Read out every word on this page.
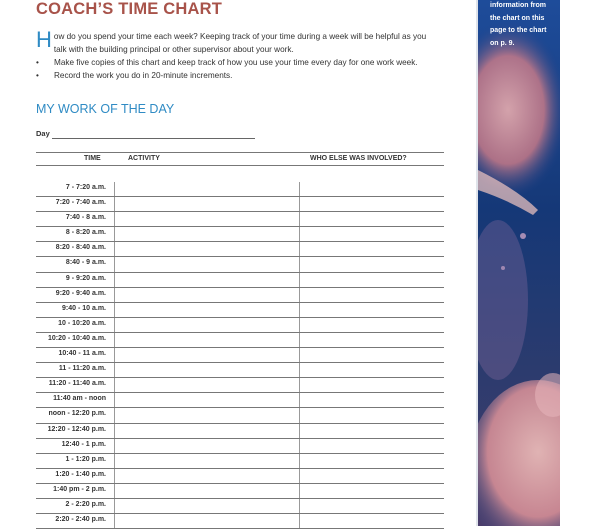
COACH’S TIME CHART
H ow do you spend your time each week? Keeping track of your time during a week will be helpful as you talk with the building principal or other supervisor about your work.

• Make five copies of this chart and keep track of how you use your time every day for one work week.
• Record the work you do in 20-minute increments.
MY WORK OF THE DAY
Day
TIME	ACTIVITY	WHO ELSE WAS INVOLVED?
7 - 7:20 a.m.
7:20 - 7:40 a.m.
7:40 - 8 a.m.
8 - 8:20 a.m.
8:20 - 8:40 a.m.
8:40 - 9 a.m.
9 - 9:20 a.m.
9:20 - 9:40 a.m.
9:40 - 10 a.m.
10 - 10:20 a.m.
10:20 - 10:40 a.m.
10:40 - 11 a.m.
11 - 11:20 a.m.
11:20 - 11:40 a.m.
11:40 am - noon
noon - 12:20 p.m.
12:20 - 12:40 p.m.
12:40 - 1 p.m.
1 - 1:20 p.m.
1:20 - 1:40 p.m.
1:40 pm - 2 p.m.
2 - 2:20 p.m.
2:20 - 2:40 p.m.
information from the chart on this page to the chart on p. 9.
